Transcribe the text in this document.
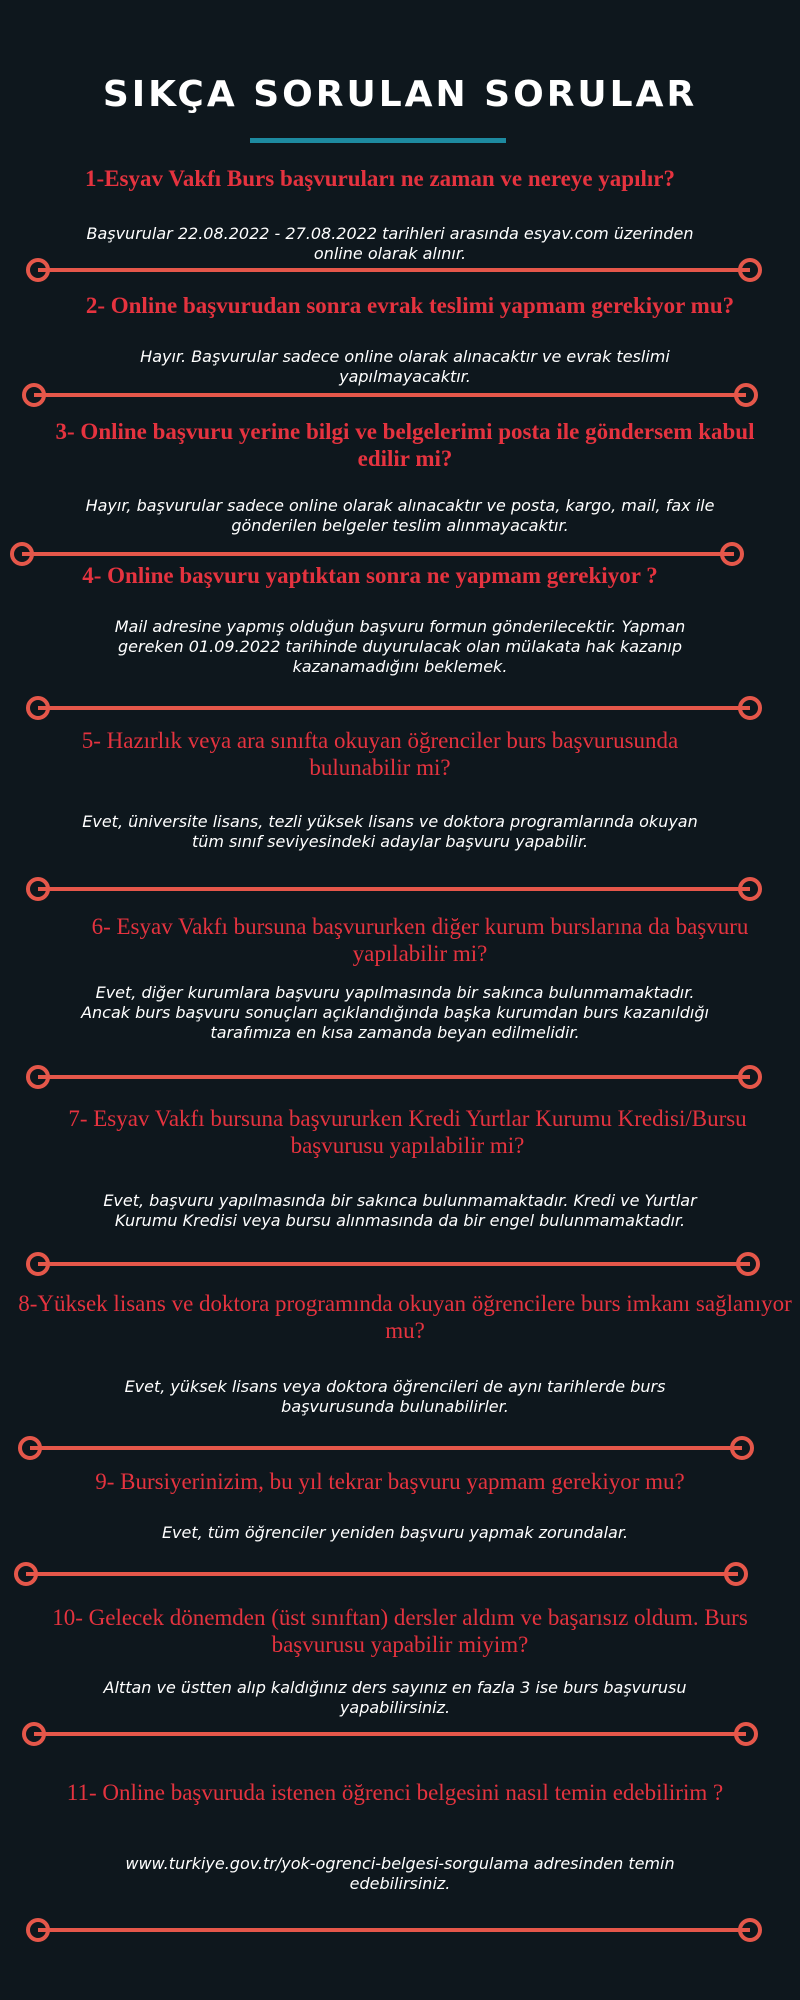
SIKÇA SORULAN SORULAR

1-Esyav Vakfı Burs başvuruları ne zaman ve nereye yapılır?

Başvurular 22.08.2022 - 27.08.2022 tarihleri arasında esyav.com üzerinden online olarak alınır.

2- Online başvurudan sonra evrak teslimi yapmam gerekiyor mu?

Hayır. Başvurular sadece online olarak alınacaktır ve evrak teslimi yapılmayacaktır.

3- Online başvuru yerine bilgi ve belgelerimi posta ile göndersem kabul edilir mi?

Hayır, başvurular sadece online olarak alınacaktır ve posta, kargo, mail, fax ile gönderilen belgeler teslim alınmayacaktır.

4- Online başvuru yaptıktan sonra ne yapmam gerekiyor ?

Mail adresine yapmış olduğun başvuru formun gönderilecektir. Yapman gereken 01.09.2022 tarihinde duyurulacak olan mülakata hak kazanıp kazanamadığını beklemek.

5- Hazırlık veya ara sınıfta okuyan öğrenciler burs başvurusunda bulunabilir mi?

Evet, üniversite lisans, tezli yüksek lisans ve doktora programlarında okuyan tüm sınıf seviyesindeki adaylar başvuru yapabilir.

6- Esyav Vakfı bursuna başvururken diğer kurum burslarına da başvuru yapılabilir mi?

Evet, diğer kurumlara başvuru yapılmasında bir sakınca bulunmamaktadır. Ancak burs başvuru sonuçları açıklandığında başka kurumdan burs kazanıldığı tarafımıza en kısa zamanda beyan edilmelidir.

7- Esyav Vakfı bursuna başvururken Kredi Yurtlar Kurumu Kredisi/Bursu başvurusu yapılabilir mi?

Evet, başvuru yapılmasında bir sakınca bulunmamaktadır. Kredi ve Yurtlar Kurumu Kredisi veya bursu alınmasında da bir engel bulunmamaktadır.

8-Yüksek lisans ve doktora programında okuyan öğrencilere burs imkanı sağlanıyor mu?

Evet, yüksek lisans veya doktora öğrencileri de aynı tarihlerde burs başvurusunda bulunabilirler.

9- Bursiyerinizim, bu yıl tekrar başvuru yapmam gerekiyor mu?

Evet, tüm öğrenciler yeniden başvuru yapmak zorundalar.

10- Gelecek dönemden (üst sınıftan) dersler aldım ve başarısız oldum. Burs başvurusu yapabilir miyim?

Alttan ve üstten alıp kaldığınız ders sayınız en fazla 3 ise burs başvurusu yapabilirsiniz.

11- Online başvuruda istenen öğrenci belgesini nasıl temin edebilirim ?

www.turkiye.gov.tr/yok-ogrenci-belgesi-sorgulama adresinden temin edebilirsiniz.
